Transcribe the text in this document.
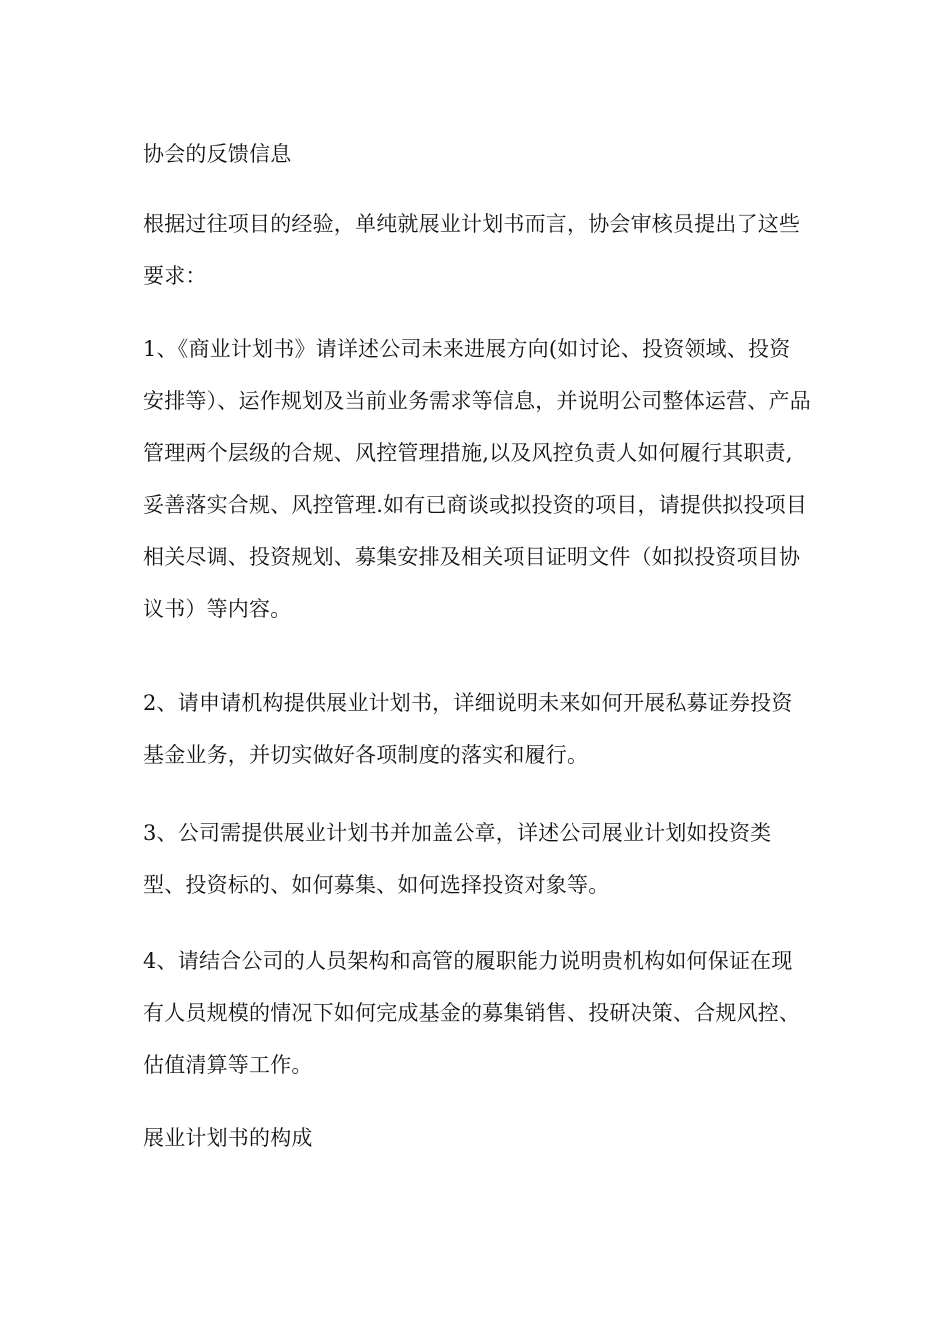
协会的反馈信息
根据过往项目的经验，单纯就展业计划书而言，协会审核员提出了这些要求：
1、《商业计划书》请详述公司未来进展方向(如讨论、投资领域、投资安排等）、运作规划及当前业务需求等信息，并说明公司整体运营、产品管理两个层级的合规、风控管理措施,以及风控负责人如何履行其职责,妥善落实合规、风控管理.如有已商谈或拟投资的项目，请提供拟投项目相关尽调、投资规划、募集安排及相关项目证明文件（如拟投资项目协议书）等内容。
2、请申请机构提供展业计划书，详细说明未来如何开展私募证券投资基金业务，并切实做好各项制度的落实和履行。
3、公司需提供展业计划书并加盖公章，详述公司展业计划如投资类型、投资标的、如何募集、如何选择投资对象等。
4、请结合公司的人员架构和高管的履职能力说明贵机构如何保证在现有人员规模的情况下如何完成基金的募集销售、投研决策、合规风控、估值清算等工作。
展业计划书的构成
